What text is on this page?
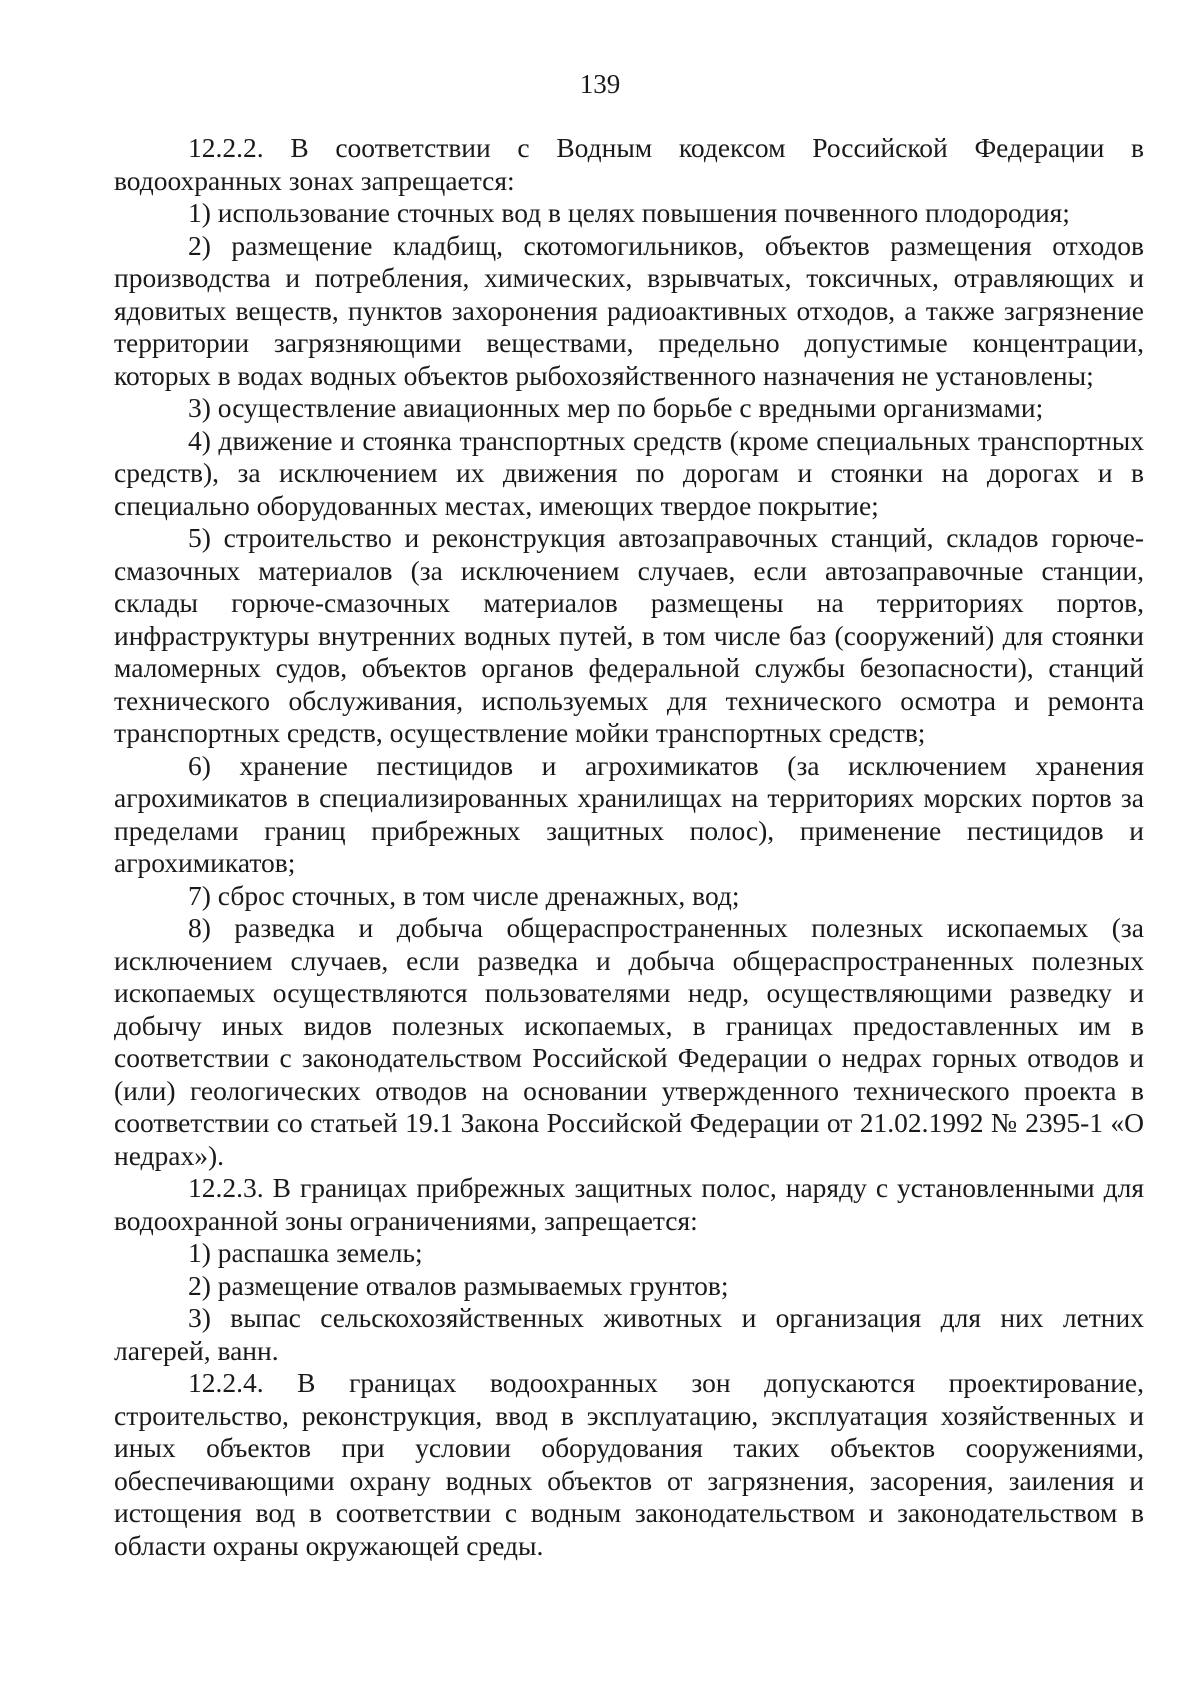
139

12.2.2. В соответствии с Водным кодексом Российской Федерации в водоохранных зонах запрещается:

1) использование сточных вод в целях повышения почвенного плодородия;

2) размещение кладбищ, скотомогильников, объектов размещения отходов производства и потребления, химических, взрывчатых, токсичных, отравляющих и ядовитых веществ, пунктов захоронения радиоактивных отходов, а также загрязнение территории загрязняющими веществами, предельно допустимые концентрации, которых в водах водных объектов рыбохозяйственного назначения не установлены;

3) осуществление авиационных мер по борьбе с вредными организмами;

4) движение и стоянка транспортных средств (кроме специальных транспортных средств), за исключением их движения по дорогам и стоянки на дорогах и в специально оборудованных местах, имеющих твердое покрытие;

5) строительство и реконструкция автозаправочных станций, складов горюче-смазочных материалов (за исключением случаев, если автозаправочные станции, склады горюче-смазочных материалов размещены на территориях портов, инфраструктуры внутренних водных путей, в том числе баз (сооружений) для стоянки маломерных судов, объектов органов федеральной службы безопасности), станций технического обслуживания, используемых для технического осмотра и ремонта транспортных средств, осуществление мойки транспортных средств;

6) хранение пестицидов и агрохимикатов (за исключением хранения агрохимикатов в специализированных хранилищах на территориях морских портов за пределами границ прибрежных защитных полос), применение пестицидов и агрохимикатов;

7) сброс сточных, в том числе дренажных, вод;

8) разведка и добыча общераспространенных полезных ископаемых (за исключением случаев, если разведка и добыча общераспространенных полезных ископаемых осуществляются пользователями недр, осуществляющими разведку и добычу иных видов полезных ископаемых, в границах предоставленных им в соответствии с законодательством Российской Федерации о недрах горных отводов и (или) геологических отводов на основании утвержденного технического проекта в соответствии со статьей 19.1 Закона Российской Федерации от 21.02.1992 № 2395-1 «О недрах»).

12.2.3. В границах прибрежных защитных полос, наряду с установленными для водоохранной зоны ограничениями, запрещается:

1) распашка земель;

2) размещение отвалов размываемых грунтов;

3) выпас сельскохозяйственных животных и организация для них летних лагерей, ванн.

12.2.4. В границах водоохранных зон допускаются проектирование, строительство, реконструкция, ввод в эксплуатацию, эксплуатация хозяйственных и иных объектов при условии оборудования таких объектов сооружениями, обеспечивающими охрану водных объектов от загрязнения, засорения, заиления и истощения вод в соответствии с водным законодательством и законодательством в области охраны окружающей среды.
